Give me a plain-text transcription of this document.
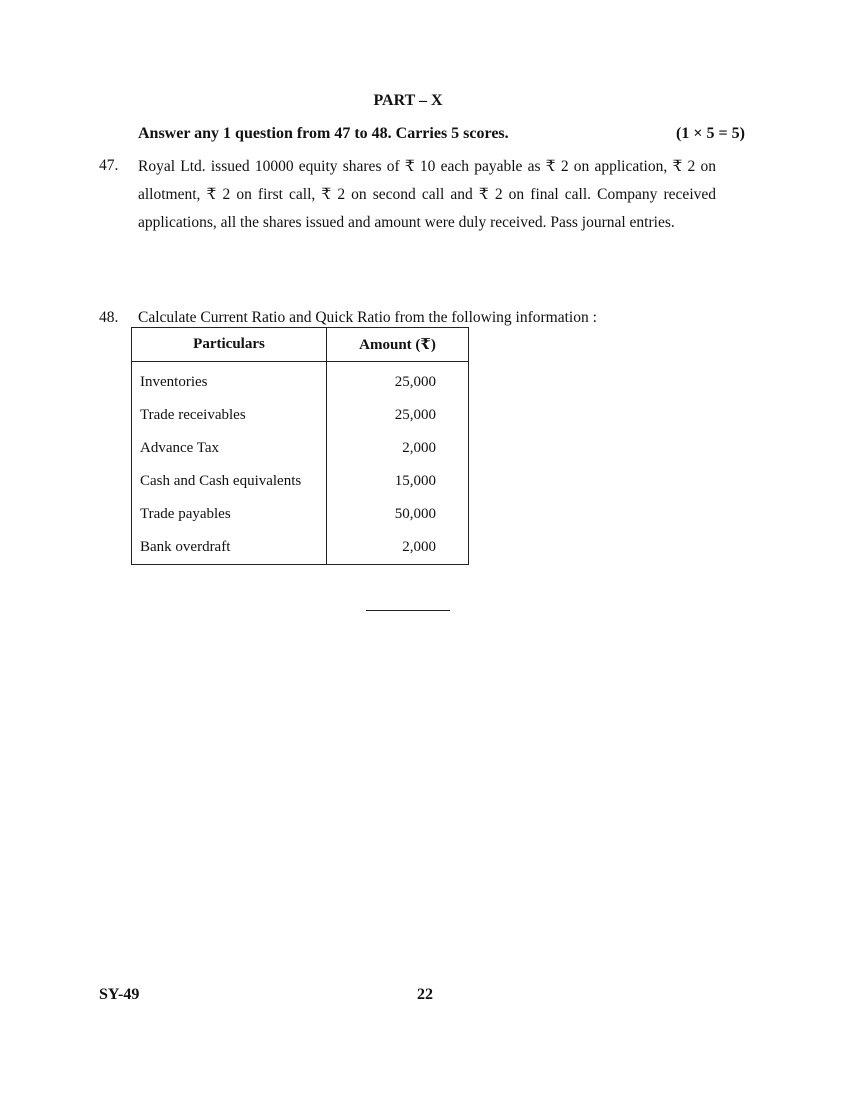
PART – X
Answer any 1 question from 47 to 48. Carries 5 scores.	(1 × 5 = 5)
47. Royal Ltd. issued 10000 equity shares of ₹ 10 each payable as ₹ 2 on application, ₹ 2 on allotment, ₹ 2 on first call, ₹ 2 on second call and ₹ 2 on final call. Company received applications, all the shares issued and amount were duly received. Pass journal entries.
48. Calculate Current Ratio and Quick Ratio from the following information :
Particulars	Amount (₹)
Inventories	25,000
Trade receivables	25,000
Advance Tax	2,000
Cash and Cash equivalents	15,000
Trade payables	50,000
Bank overdraft	2,000
SY-49	22
